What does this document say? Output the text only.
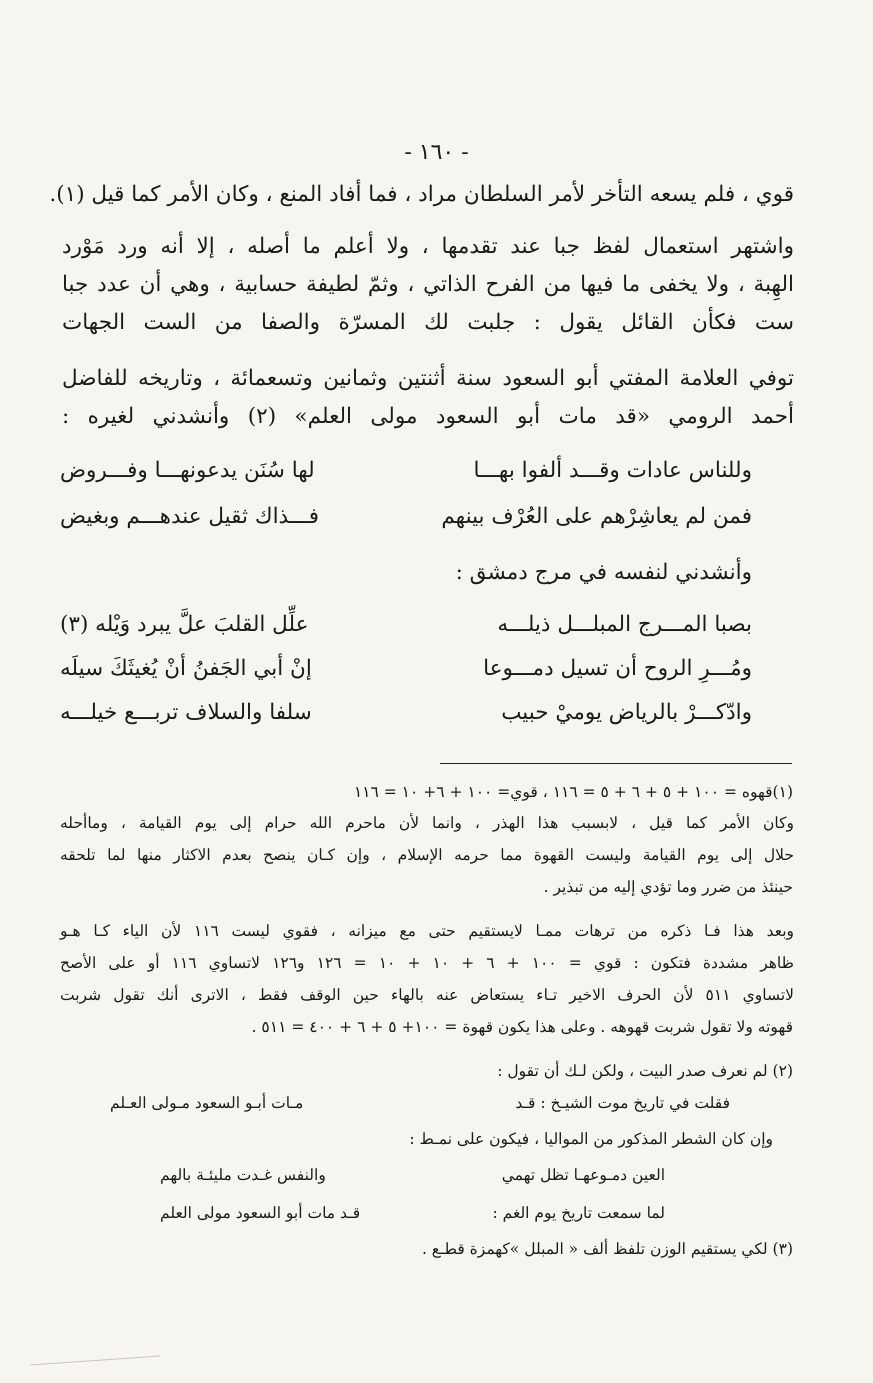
- ١٦٠ -
قوي ، فلم يسعه التأخر لأمر السلطان مراد ، فما أفاد المنع ، وكان الأمر كما قيل (١).
واشتهر استعمال لفظ جبا عند تقدمها ، ولا أعلم ما أصله ، إلا أنه ورد مَوْرد
الهِبة ، ولا يخفى ما فيها من الفرح الذاتي ، وثمّ لطيفة حسابية ، وهي أن عدد جبا
ست فكأن القائل يقول : جلبت لك المسرّة والصفا من الست الجهات
توفي العلامة المفتي أبو السعود سنة أثنتين وثمانين وتسعمائة ، وتاريخه للفاضل
أحمد الرومي «قد مات أبو السعود مولى العلم» (٢) وأنشدني لغيره :
وللناس عادات وقـــد ألفوا بهـــا
لها سُنَن يدعونهـــا وفـــروض
فمن لم يعاشِرْهم على العُرْف بينهم
فـــذاك ثقيل عندهـــم وبغيض
وأنشدني لنفسه في مرج دمشق :
بصبا المـــرج المبلـــل ذيلـــه
علِّل القلبَ علَّ يبرد وَيْله (٣)
ومُـــرِ الروح أن تسيل دمـــوعا
إنْ أبي الجَفنُ أنْ يُغيثَكَ سيلَه
وادّكـــرْ بالرياض يوميْ حبيب
سلفا والسلاف تربـــع خيلـــه
(١)قهوه = ١٠٠ + ٥ + ٦ + ٥ = ١١٦ ، قوي= ١٠٠ + ٦+ ١٠ = ١١٦
وكان الأمر كما قيل ، لابسبب هذا الهذر ، وانما لأن ماحرم الله حرام إلى يوم القيامة ، وماأحله
حلال إلى يوم القيامة وليست القهوة مما حرمه الإسلام ، وإن كـان ينصح بعدم الاكثار منها لما تلحقه
حينئذ من ضرر وما تؤدي إليه من تبذير .
وبعد هذا فـا ذكره من ترهات ممـا لايستقيم حتى مع ميزانه ، فقوي ليست ١١٦ لأن الياء كـا هـو
ظاهر مشددة فتكون : قوي = ١٠٠ + ٦ + ١٠ + ١٠ = ١٢٦ و١٢٦ لاتساوي ١١٦ أو على الأصح
لاتساوي ٥١١ لأن الحرف الاخير تـاء يستعاض عنه بالهاء حين الوقف فقط ، الاترى أنك تقول شربت
قهوته ولا تقول شربت قهوهه . وعلى هذا يكون قهوة = ١٠٠+ ٥ + ٦ + ٤٠٠ = ٥١١ .
(٢) لم نعرف صدر البيت ، ولكن لـك أن تقول :
فقلت في تاريخ موت الشيـخ : قـد
مـات أبـو السعود مـولى العـلم
وإن كان الشطر المذكور من المواليا ، فيكون على نمـط :
العين دمـوعهـا تظل تهمي
والنفس غـدت مليئـة بالهم
لما سمعت تاريخ يوم الغم :
قـد مات أبو السعود مولى العلم
(٣) لكي يستقيم الوزن تلفظ ألف « المبلل »كهمزة قطـع .
